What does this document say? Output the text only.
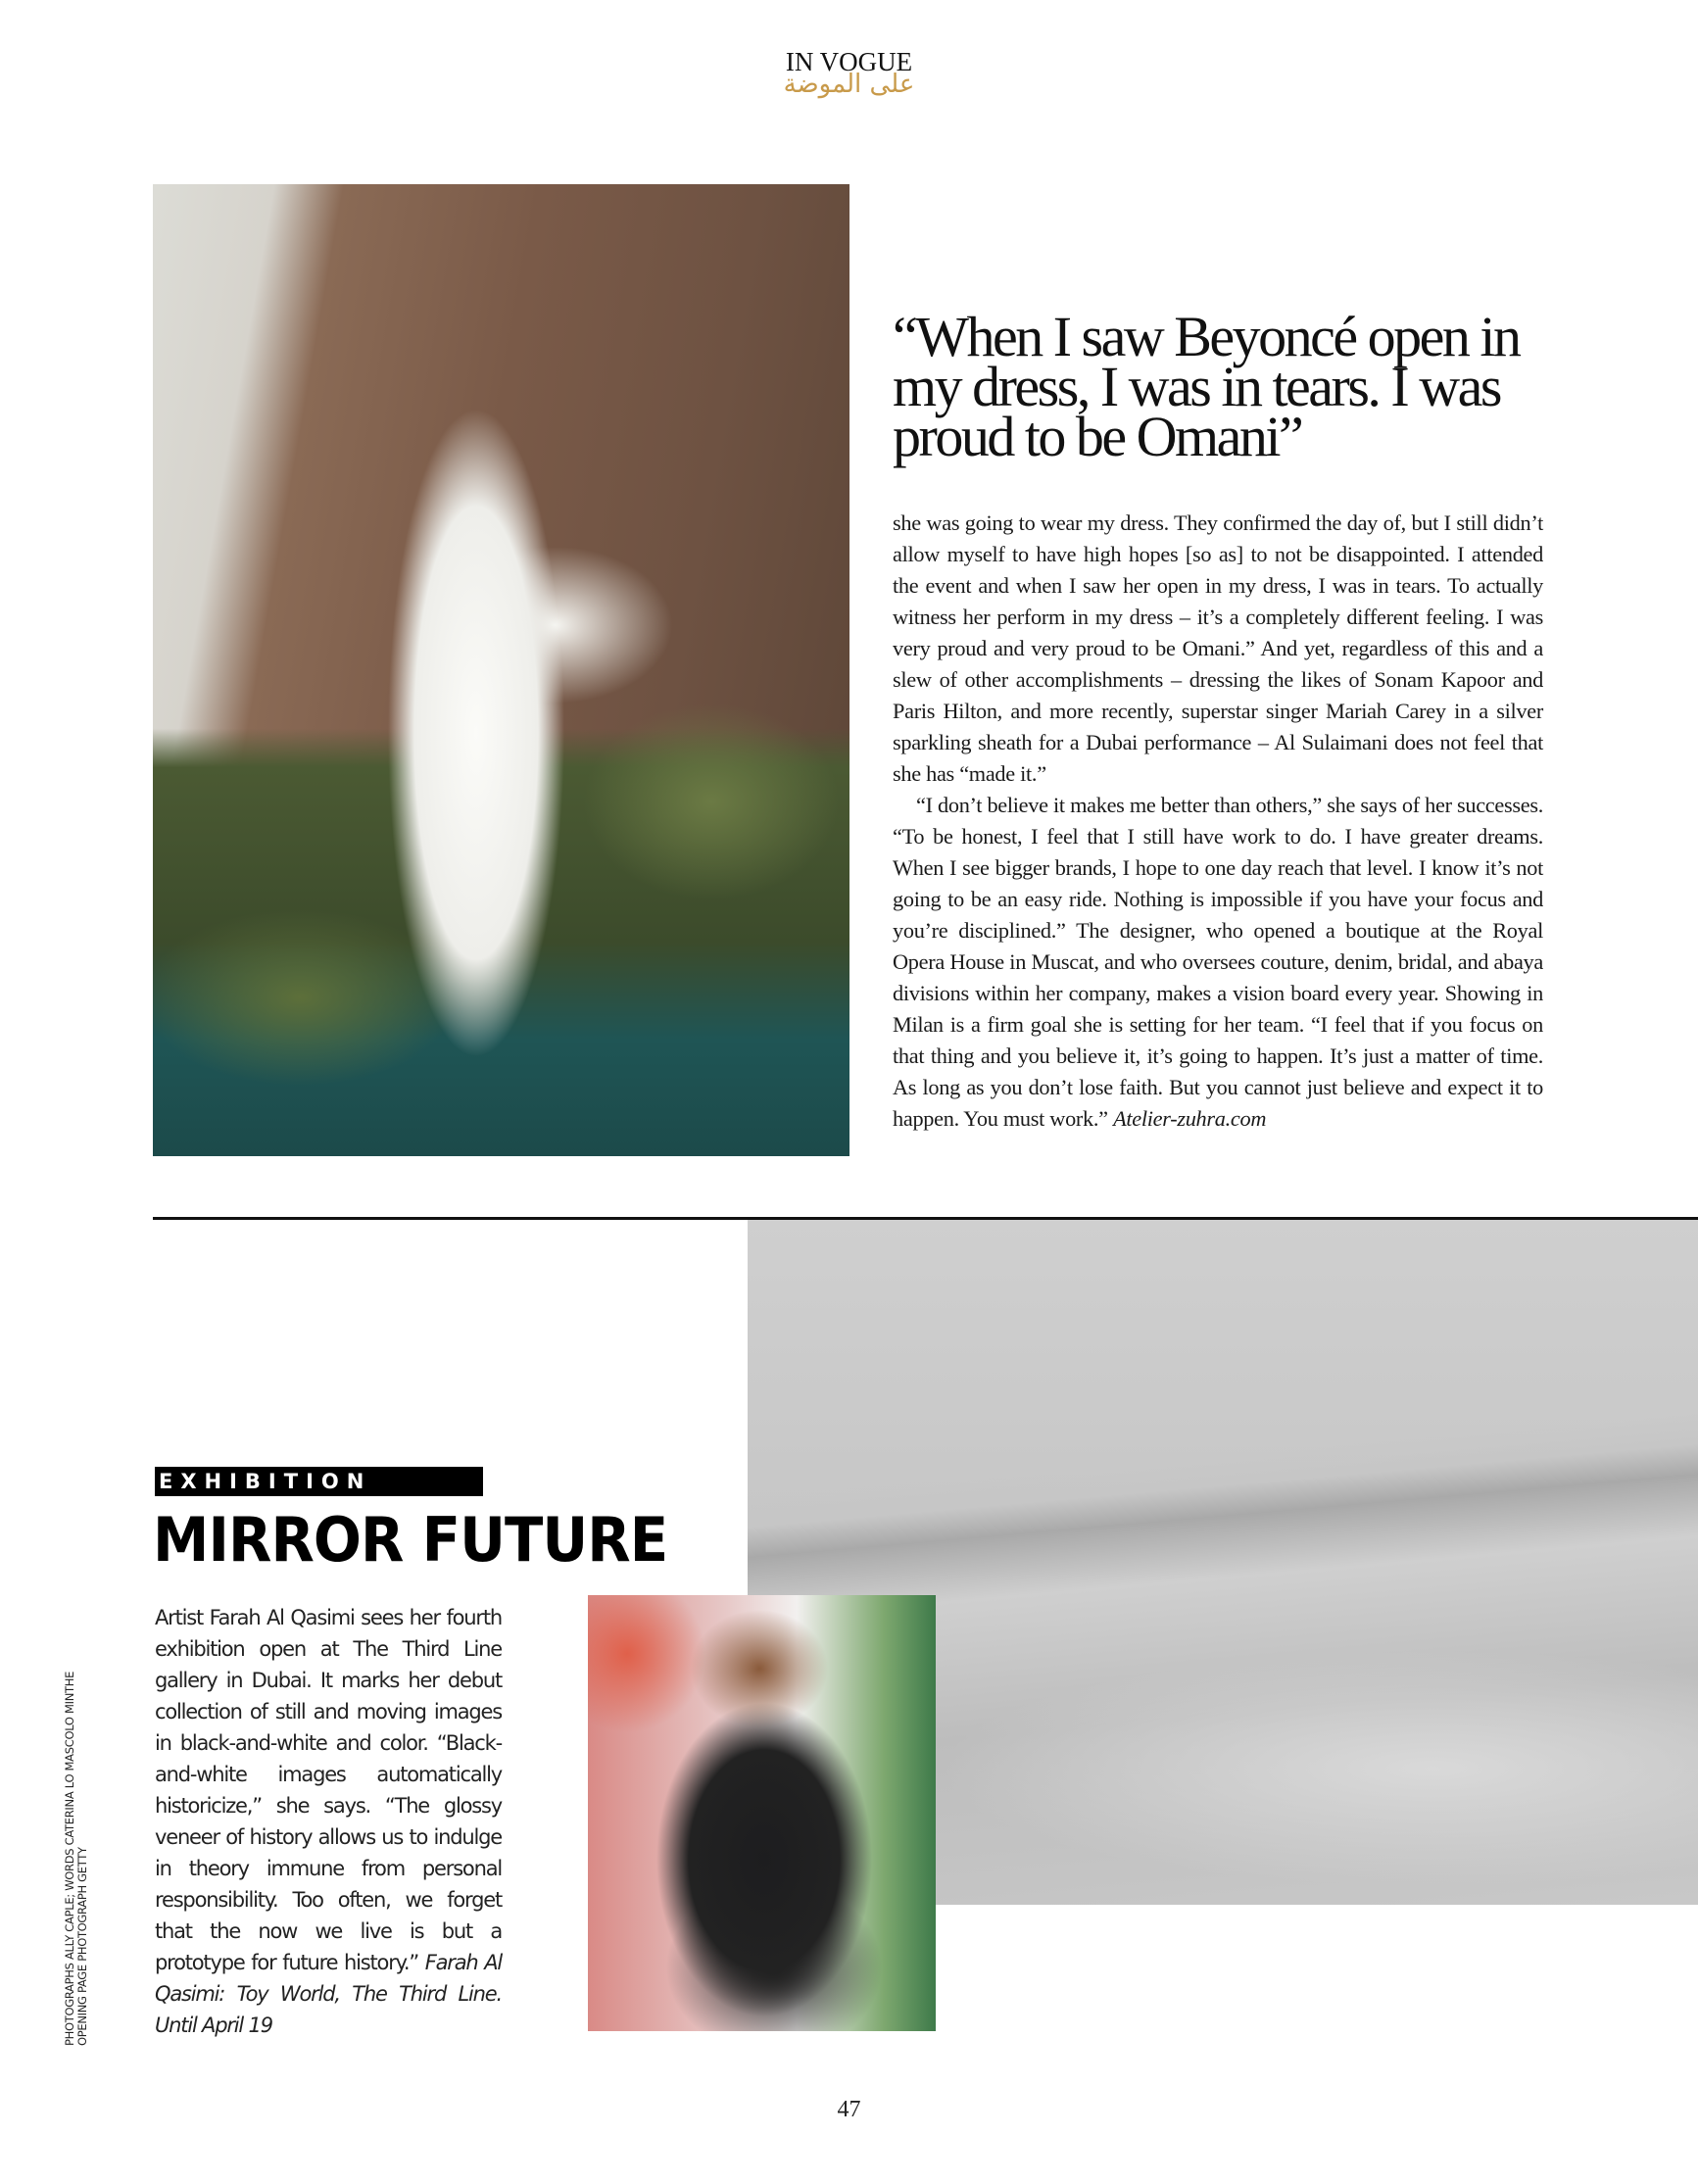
IN VOGUE
على الموضة
“When I saw Beyoncé open in my dress, I was in tears. I was proud to be Omani”

she was going to wear my dress. They confirmed the day of, but I still didn’t allow myself to have high hopes [so as] to not be disappointed. I attended the event and when I saw her open in my dress, I was in tears. To actually witness her perform in my dress – it’s a completely different feeling. I was very proud and very proud to be Omani.” And yet, regardless of this and a slew of other accomplishments – dressing the likes of Sonam Kapoor and Paris Hilton, and more recently, superstar singer Mariah Carey in a silver sparkling sheath for a Dubai performance – Al Sulaimani does not feel that she has “made it.”

“I don’t believe it makes me better than others,” she says of her successes. “To be honest, I feel that I still have work to do. I have greater dreams. When I see bigger brands, I hope to one day reach that level. I know it’s not going to be an easy ride. Nothing is impossible if you have your focus and you’re disciplined.” The designer, who opened a boutique at the Royal Opera House in Muscat, and who oversees couture, denim, bridal, and abaya divisions within her company, makes a vision board every year. Showing in Milan is a firm goal she is setting for her team. “I feel that if you focus on that thing and you believe it, it’s going to happen. It’s just a matter of time. As long as you don’t lose faith. But you cannot just believe and expect it to happen. You must work.” Atelier-zuhra.com

EXHIBITION
MIRROR FUTURE
Artist Farah Al Qasimi sees her fourth exhibition open at The Third Line gallery in Dubai. It marks her debut collection of still and moving images in black-and-white and color. “Black-and-white images automatically historicize,” she says. “The glossy veneer of history allows us to indulge in theory immune from personal responsibility. Too often, we forget that the now we live is but a prototype for future history.” Farah Al Qasimi: Toy World, The Third Line. Until April 19
PHOTOGRAPHS ALLY CAPLE; WORDS CATERINA LO MASCOLO MINTHE OPENING PAGE PHOTOGRAPH GETTY
47
